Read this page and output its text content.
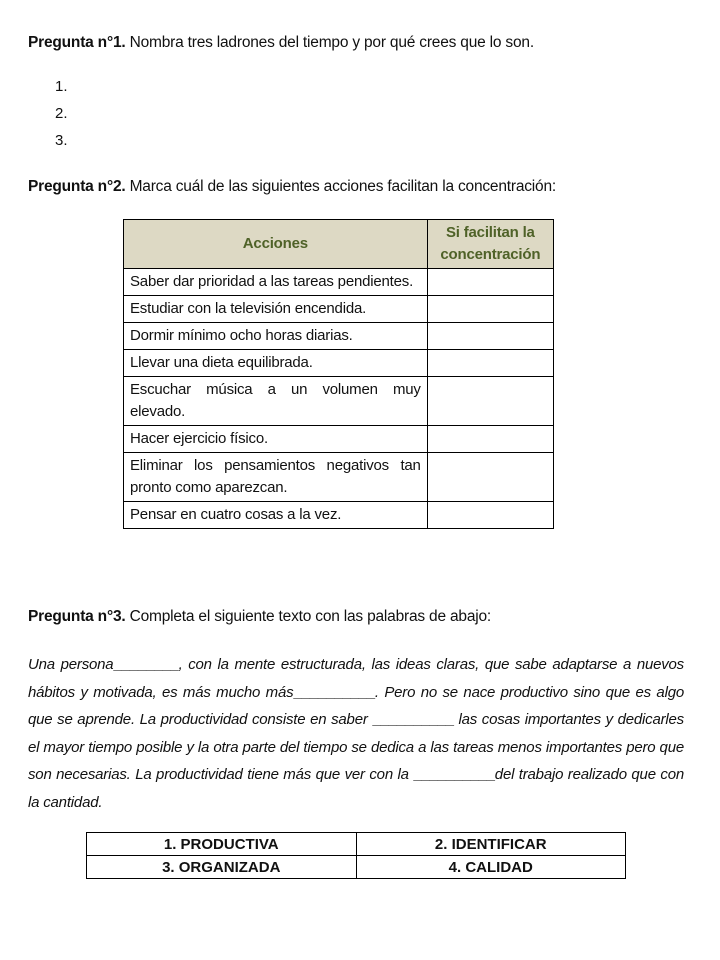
Pregunta n°1. Nombra tres ladrones del tiempo y por qué crees que lo son.
1.
2.
3.
Pregunta n°2. Marca cuál de las siguientes acciones facilitan la concentración:
Acciones	Si facilitan la concentración
Saber dar prioridad a las tareas pendientes.	
Estudiar con la televisión encendida.	
Dormir mínimo ocho horas diarias.	
Llevar una dieta equilibrada.	
Escuchar música a un volumen muy elevado.	
Hacer ejercicio físico.	
Eliminar los pensamientos negativos tan pronto como aparezcan.	
Pensar en cuatro cosas a la vez.	
Pregunta n°3. Completa el siguiente texto con las palabras de abajo:
Una persona________, con la mente estructurada, las ideas claras, que sabe adaptarse a nuevos hábitos y motivada, es más mucho más__________. Pero no se nace productivo sino que es algo que se aprende. La productividad consiste en saber __________ las cosas importantes y dedicarles el mayor tiempo posible y la otra parte del tiempo se dedica a las tareas menos importantes pero que son necesarias. La productividad tiene más que ver con la __________del trabajo realizado que con la cantidad.
1. PRODUCTIVA	2. IDENTIFICAR
3. ORGANIZADA	4. CALIDAD
